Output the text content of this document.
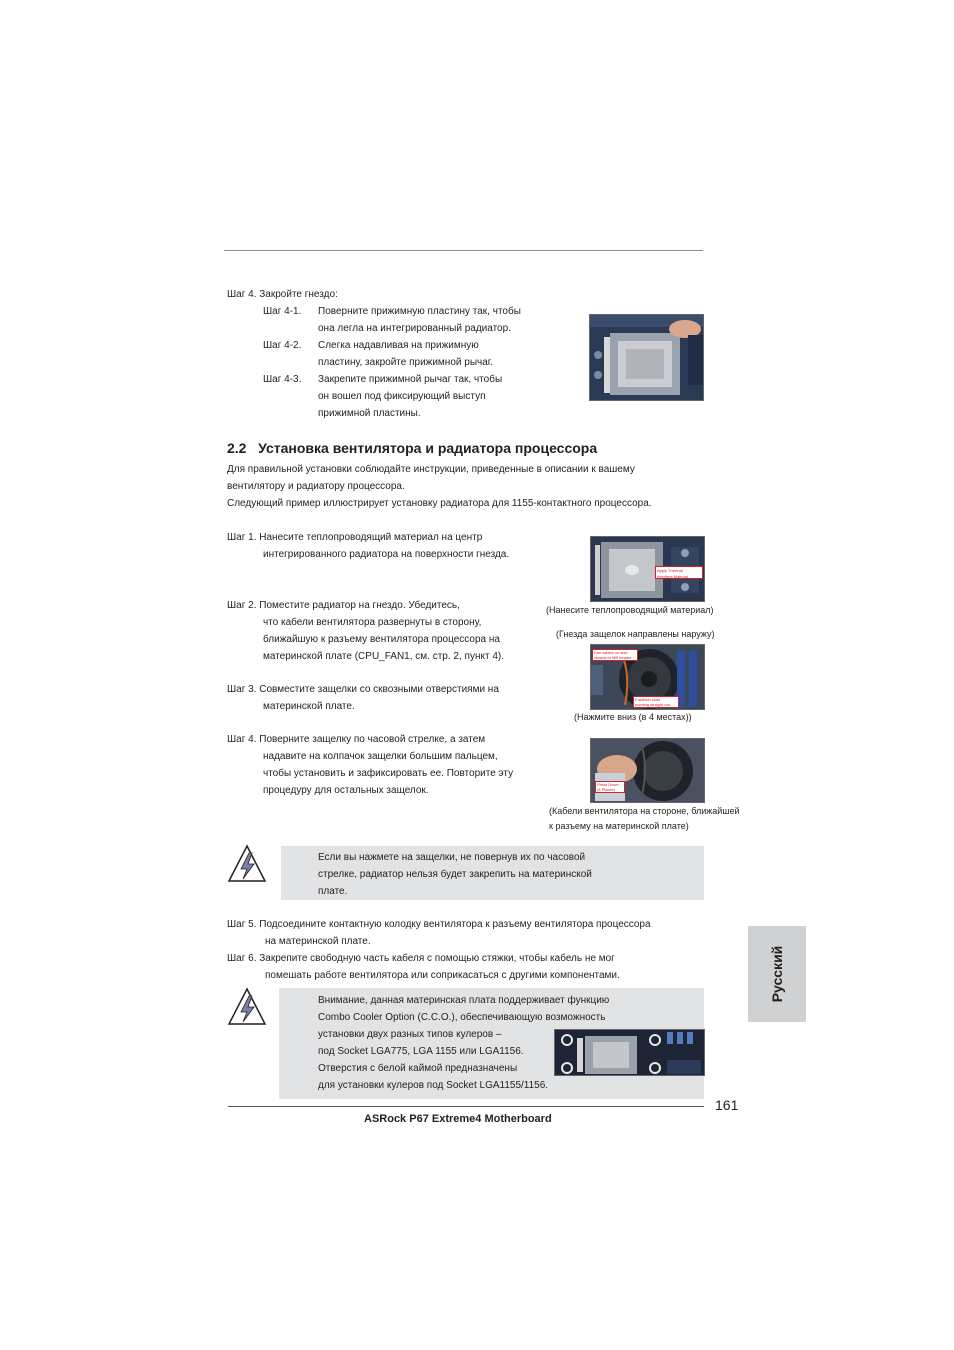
Шаг 4. Закройте гнездо:
Шаг 4-1. Поверните прижимную пластину так, чтобы
она легла на интегрированный радиатор.
Шаг 4-2. Слегка надавливая на прижимную
пластину, закройте прижимной рычаг.
Шаг 4-3. Закрепите прижимной рычаг так, чтобы
он вошел под фиксирующий выступ
прижимной пластины.
2.2 Установка вентилятора и радиатора процессора
Для правильной установки соблюдайте инструкции, приведенные в описании к вашему
вентилятору и радиатору процессора.
Следующий пример иллюстрирует установку радиатора для 1155-контактного процессора.
Шаг 1. Нанесите теплопроводящий материал на центр
интегрированного радиатора на поверхности гнезда.
Apply Thermal
Interface Material
(Нанесите теплопроводящий материал)
Шаг 2. Поместите радиатор на гнездо. Убедитесь,
что кабели вентилятора развернуты в сторону,
ближайшую к разъему вентилятора процессора на
материнской плате (CPU_FAN1, см. стр. 2, пункт 4).
(Гнезда защелок направлены наружу)
Fan cables on side
closest to MB header
Fastener slots
pointing straight out
(Нажмите вниз (в 4 местах))
Шаг 3. Совместите защелки со сквозными отверстиями на
материнской плате.
Шаг 4. Поверните защелку по часовой стрелке, а затем
надавите на колпачок защелки большим пальцем,
чтобы установить и зафиксировать ее. Повторите эту
процедуру для остальных защелок.
Press Down
(4 Places)
(Кабели вентилятора на стороне, ближайшей
к разъему на материнской плате)
Если вы нажмете на защелки, не повернув их по часовой
стрелке, радиатор нельзя будет закрепить на материнской
плате.
Шаг 5. Подсоедините контактную колодку вентилятора к разъему вентилятора процессора
на материнской плате.
Шаг 6. Закрепите свободную часть кабеля с помощью стяжки, чтобы кабель не мог
помешать работе вентилятора или соприкасаться с другими компонентами.	Русский
Внимание, данная материнская плата поддерживает функцию
Combo Cooler Option (C.C.O.), обеспечивающую возможность
установки двух разных типов кулеров –
под Socket LGA775, LGA 1155 или LGA1156.
Отверстия с белой каймой предназначены
для установки кулеров под Socket LGA1155/1156.
161
ASRock P67 Extreme4 Motherboard
